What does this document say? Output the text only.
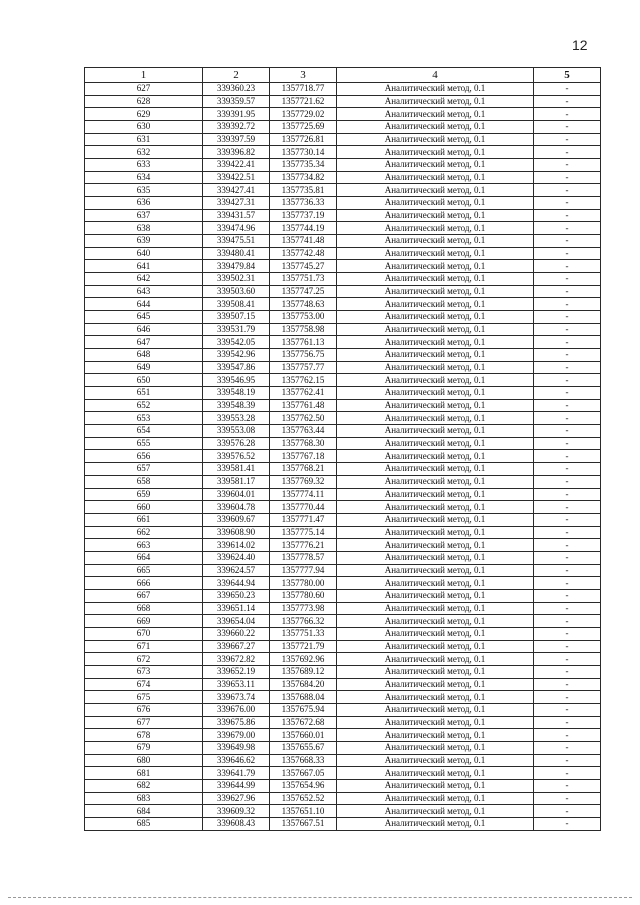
12
1	2	3	4	5
627	339360.23	1357718.77	Аналитический метод, 0.1	-
628	339359.57	1357721.62	Аналитический метод, 0.1	-
629	339391.95	1357729.02	Аналитический метод, 0.1	-
630	339392.72	1357725.69	Аналитический метод, 0.1	-
631	339397.59	1357726.81	Аналитический метод, 0.1	-
632	339396.82	1357730.14	Аналитический метод, 0.1	-
633	339422.41	1357735.34	Аналитический метод, 0.1	-
634	339422.51	1357734.82	Аналитический метод, 0.1	-
635	339427.41	1357735.81	Аналитический метод, 0.1	-
636	339427.31	1357736.33	Аналитический метод, 0.1	-
637	339431.57	1357737.19	Аналитический метод, 0.1	-
638	339474.96	1357744.19	Аналитический метод, 0.1	-
639	339475.51	1357741.48	Аналитический метод, 0.1	-
640	339480.41	1357742.48	Аналитический метод, 0.1	-
641	339479.84	1357745.27	Аналитический метод, 0.1	-
642	339502.31	1357751.73	Аналитический метод, 0.1	-
643	339503.60	1357747.25	Аналитический метод, 0.1	-
644	339508.41	1357748.63	Аналитический метод, 0.1	-
645	339507.15	1357753.00	Аналитический метод, 0.1	-
646	339531.79	1357758.98	Аналитический метод, 0.1	-
647	339542.05	1357761.13	Аналитический метод, 0.1	-
648	339542.96	1357756.75	Аналитический метод, 0.1	-
649	339547.86	1357757.77	Аналитический метод, 0.1	-
650	339546.95	1357762.15	Аналитический метод, 0.1	-
651	339548.19	1357762.41	Аналитический метод, 0.1	-
652	339548.39	1357761.48	Аналитический метод, 0.1	-
653	339553.28	1357762.50	Аналитический метод, 0.1	-
654	339553.08	1357763.44	Аналитический метод, 0.1	-
655	339576.28	1357768.30	Аналитический метод, 0.1	-
656	339576.52	1357767.18	Аналитический метод, 0.1	-
657	339581.41	1357768.21	Аналитический метод, 0.1	-
658	339581.17	1357769.32	Аналитический метод, 0.1	-
659	339604.01	1357774.11	Аналитический метод, 0.1	-
660	339604.78	1357770.44	Аналитический метод, 0.1	-
661	339609.67	1357771.47	Аналитический метод, 0.1	-
662	339608.90	1357775.14	Аналитический метод, 0.1	-
663	339614.02	1357776.21	Аналитический метод, 0.1	-
664	339624.40	1357778.57	Аналитический метод, 0.1	-
665	339624.57	1357777.94	Аналитический метод, 0.1	-
666	339644.94	1357780.00	Аналитический метод, 0.1	-
667	339650.23	1357780.60	Аналитический метод, 0.1	-
668	339651.14	1357773.98	Аналитический метод, 0.1	-
669	339654.04	1357766.32	Аналитический метод, 0.1	-
670	339660.22	1357751.33	Аналитический метод, 0.1	-
671	339667.27	1357721.79	Аналитический метод, 0.1	-
672	339672.82	1357692.96	Аналитический метод, 0.1	-
673	339652.19	1357689.12	Аналитический метод, 0.1	-
674	339653.11	1357684.20	Аналитический метод, 0.1	-
675	339673.74	1357688.04	Аналитический метод, 0.1	-
676	339676.00	1357675.94	Аналитический метод, 0.1	-
677	339675.86	1357672.68	Аналитический метод, 0.1	-
678	339679.00	1357660.01	Аналитический метод, 0.1	-
679	339649.98	1357655.67	Аналитический метод, 0.1	-
680	339646.62	1357668.33	Аналитический метод, 0.1	-
681	339641.79	1357667.05	Аналитический метод, 0.1	-
682	339644.99	1357654.96	Аналитический метод, 0.1	-
683	339627.96	1357652.52	Аналитический метод, 0.1	-
684	339609.32	1357651.10	Аналитический метод, 0.1	-
685	339608.43	1357667.51	Аналитический метод, 0.1	-
